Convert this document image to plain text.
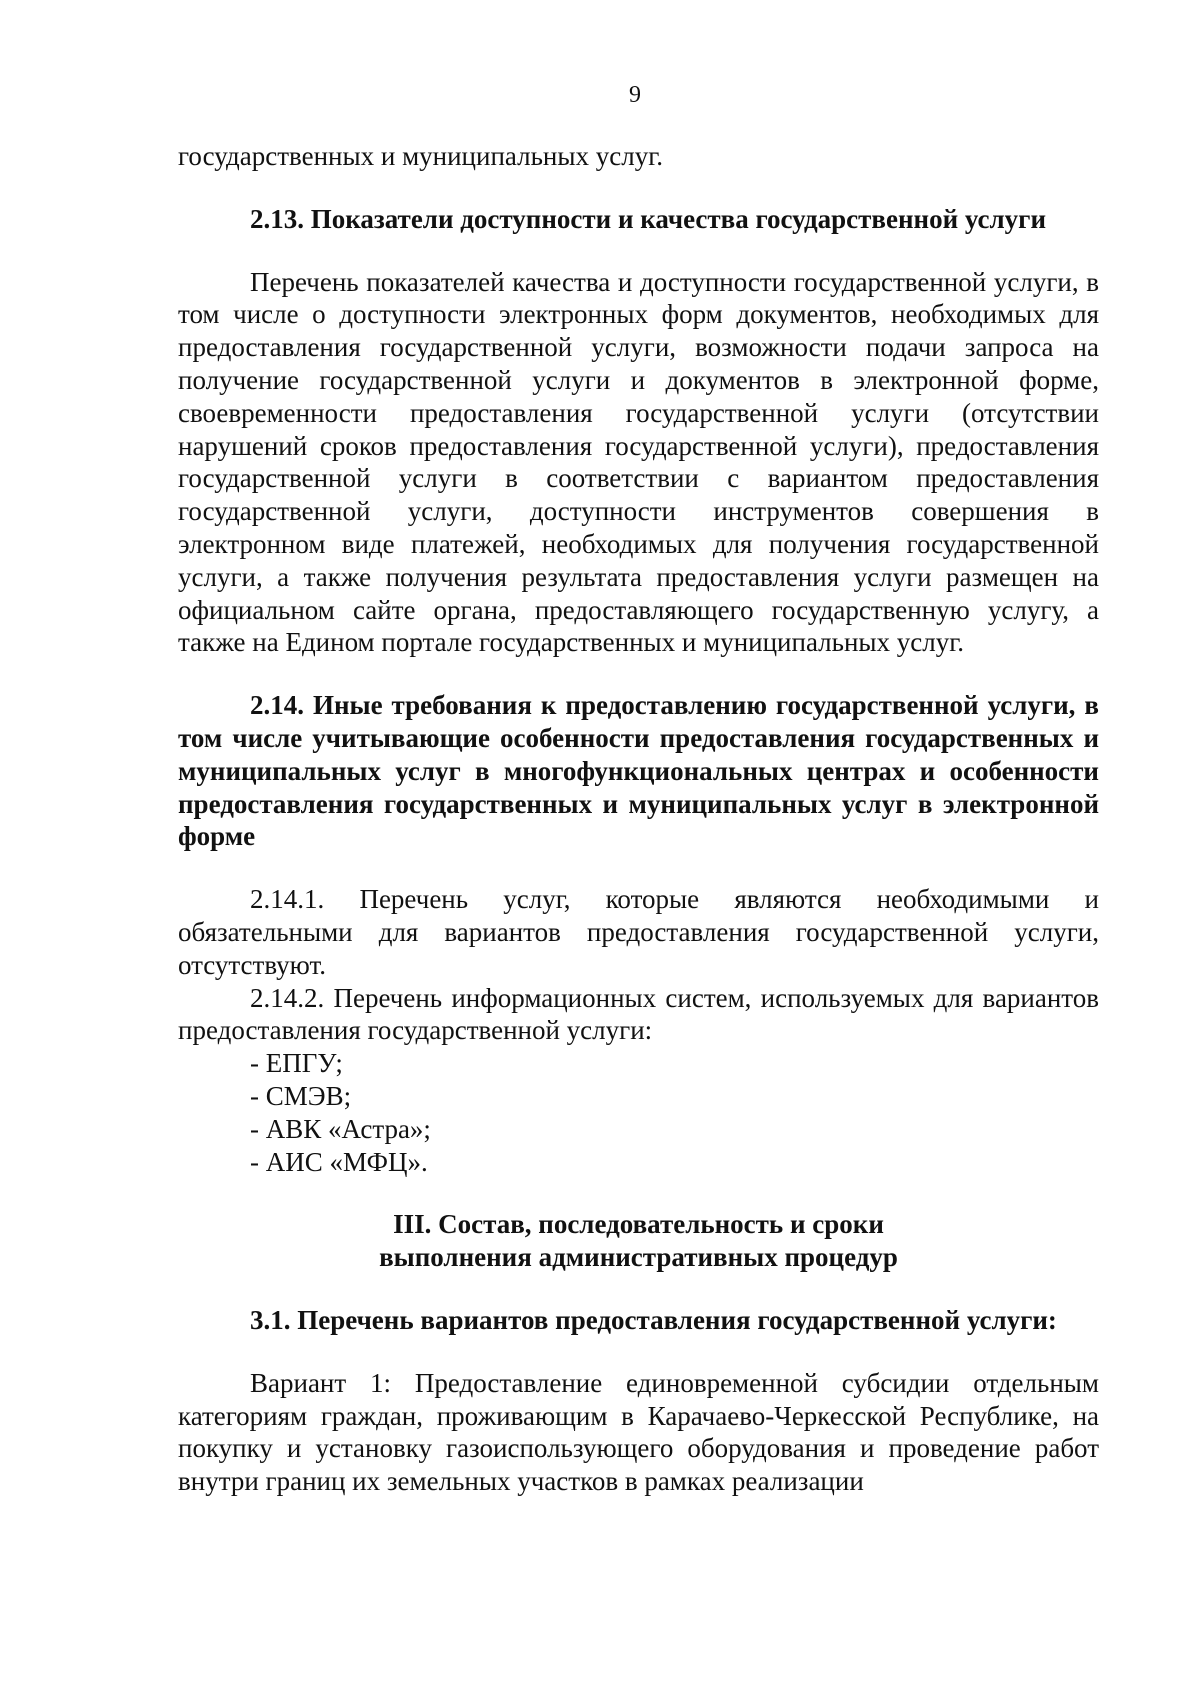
9

государственных и муниципальных услуг.

2.13. Показатели доступности и качества государственной услуги

Перечень показателей качества и доступности государственной услуги, в том числе о доступности электронных форм документов, необходимых для предоставления государственной услуги, возможности подачи запроса на получение государственной услуги и документов в электронной форме, своевременности предоставления государственной услуги (отсутствии нарушений сроков предоставления государственной услуги), предоставления государственной услуги в соответствии с вариантом предоставления государственной услуги, доступности инструментов совершения в электронном виде платежей, необходимых для получения государственной услуги, а также получения результата предоставления услуги размещен на официальном сайте органа, предоставляющего государственную услугу, а также на Едином портале государственных и муниципальных услуг.

2.14. Иные требования к предоставлению государственной услуги, в том числе учитывающие особенности предоставления государственных и муниципальных услуг в многофункциональных центрах и особенности предоставления государственных и муниципальных услуг в электронной форме

2.14.1. Перечень услуг, которые являются необходимыми и обязательными для вариантов предоставления государственной услуги, отсутствуют.

2.14.2. Перечень информационных систем, используемых для вариантов предоставления государственной услуги:

- ЕПГУ;

- СМЭВ;

- АВК «Астра»;

- АИС «МФЦ».

III. Состав, последовательность и сроки

выполнения административных процедур

3.1. Перечень вариантов предоставления государственной услуги:

Вариант 1: Предоставление единовременной субсидии отдельным категориям граждан, проживающим в Карачаево-Черкесской Республике, на покупку и установку газоиспользующего оборудования и проведение работ внутри границ их земельных участков в рамках реализации
